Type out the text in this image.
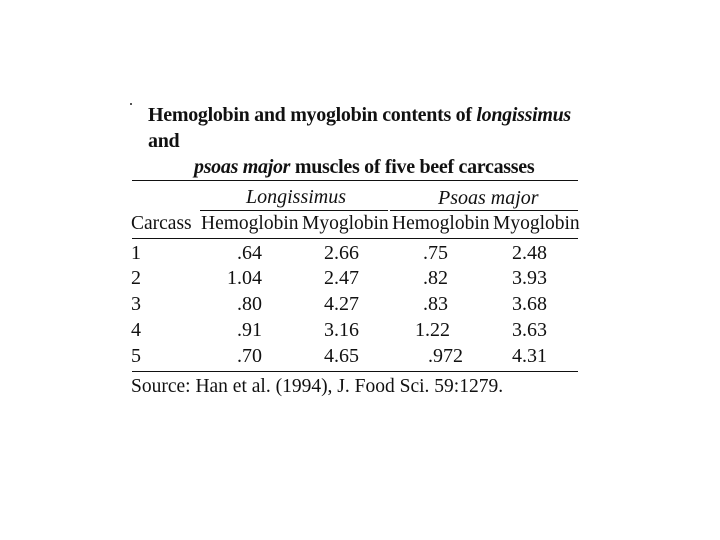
Hemoglobin and myoglobin contents of longissimus and
psoas major muscles of five beef carcasses
Longissimus	Psoas major
Carcass Hemoglobin Myoglobin Hemoglobin Myoglobin
1	.64	2.66	.75	2.48
2	1.04	2.47	.82	3.93
3	.80	4.27	.83	3.68
4	.91	3.16	1.22	3.63
5	.70	4.65	.972 4.31
Source: Han et al. (1994), J. Food Sci. 59:1279.
